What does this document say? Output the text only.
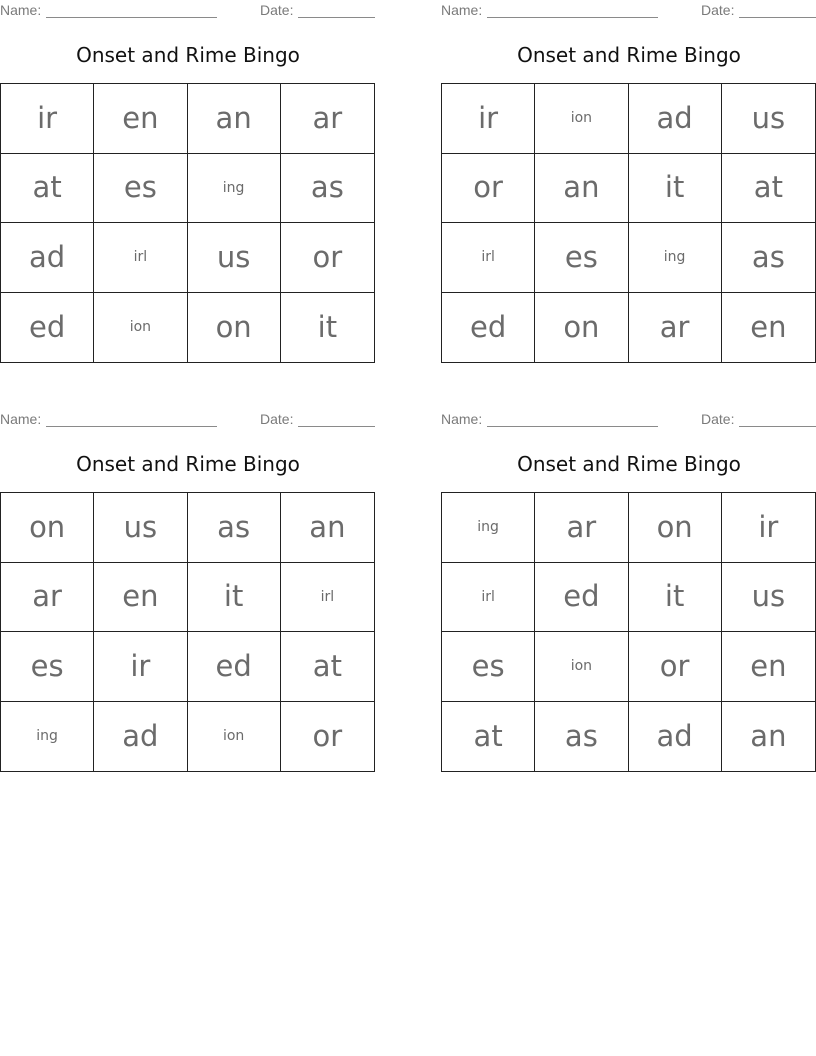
Name:	Date:
Onset and Rime Bingo
ir	en	an	ar
at	es	ing	as
ad	irl	us	or
ed	ion	on	it
Name:	Date:
Onset and Rime Bingo
ir	ion	ad	us
or	an	it	at
irl	es	ing	as
ed	on	ar	en
Name:	Date:
Onset and Rime Bingo
on	us	as	an
ar	en	it	irl
es	ir	ed	at
ing	ad	ion	or
Name:	Date:
Onset and Rime Bingo
ing	ar	on	ir
irl	ed	it	us
es	ion	or	en
at	as	ad	an
